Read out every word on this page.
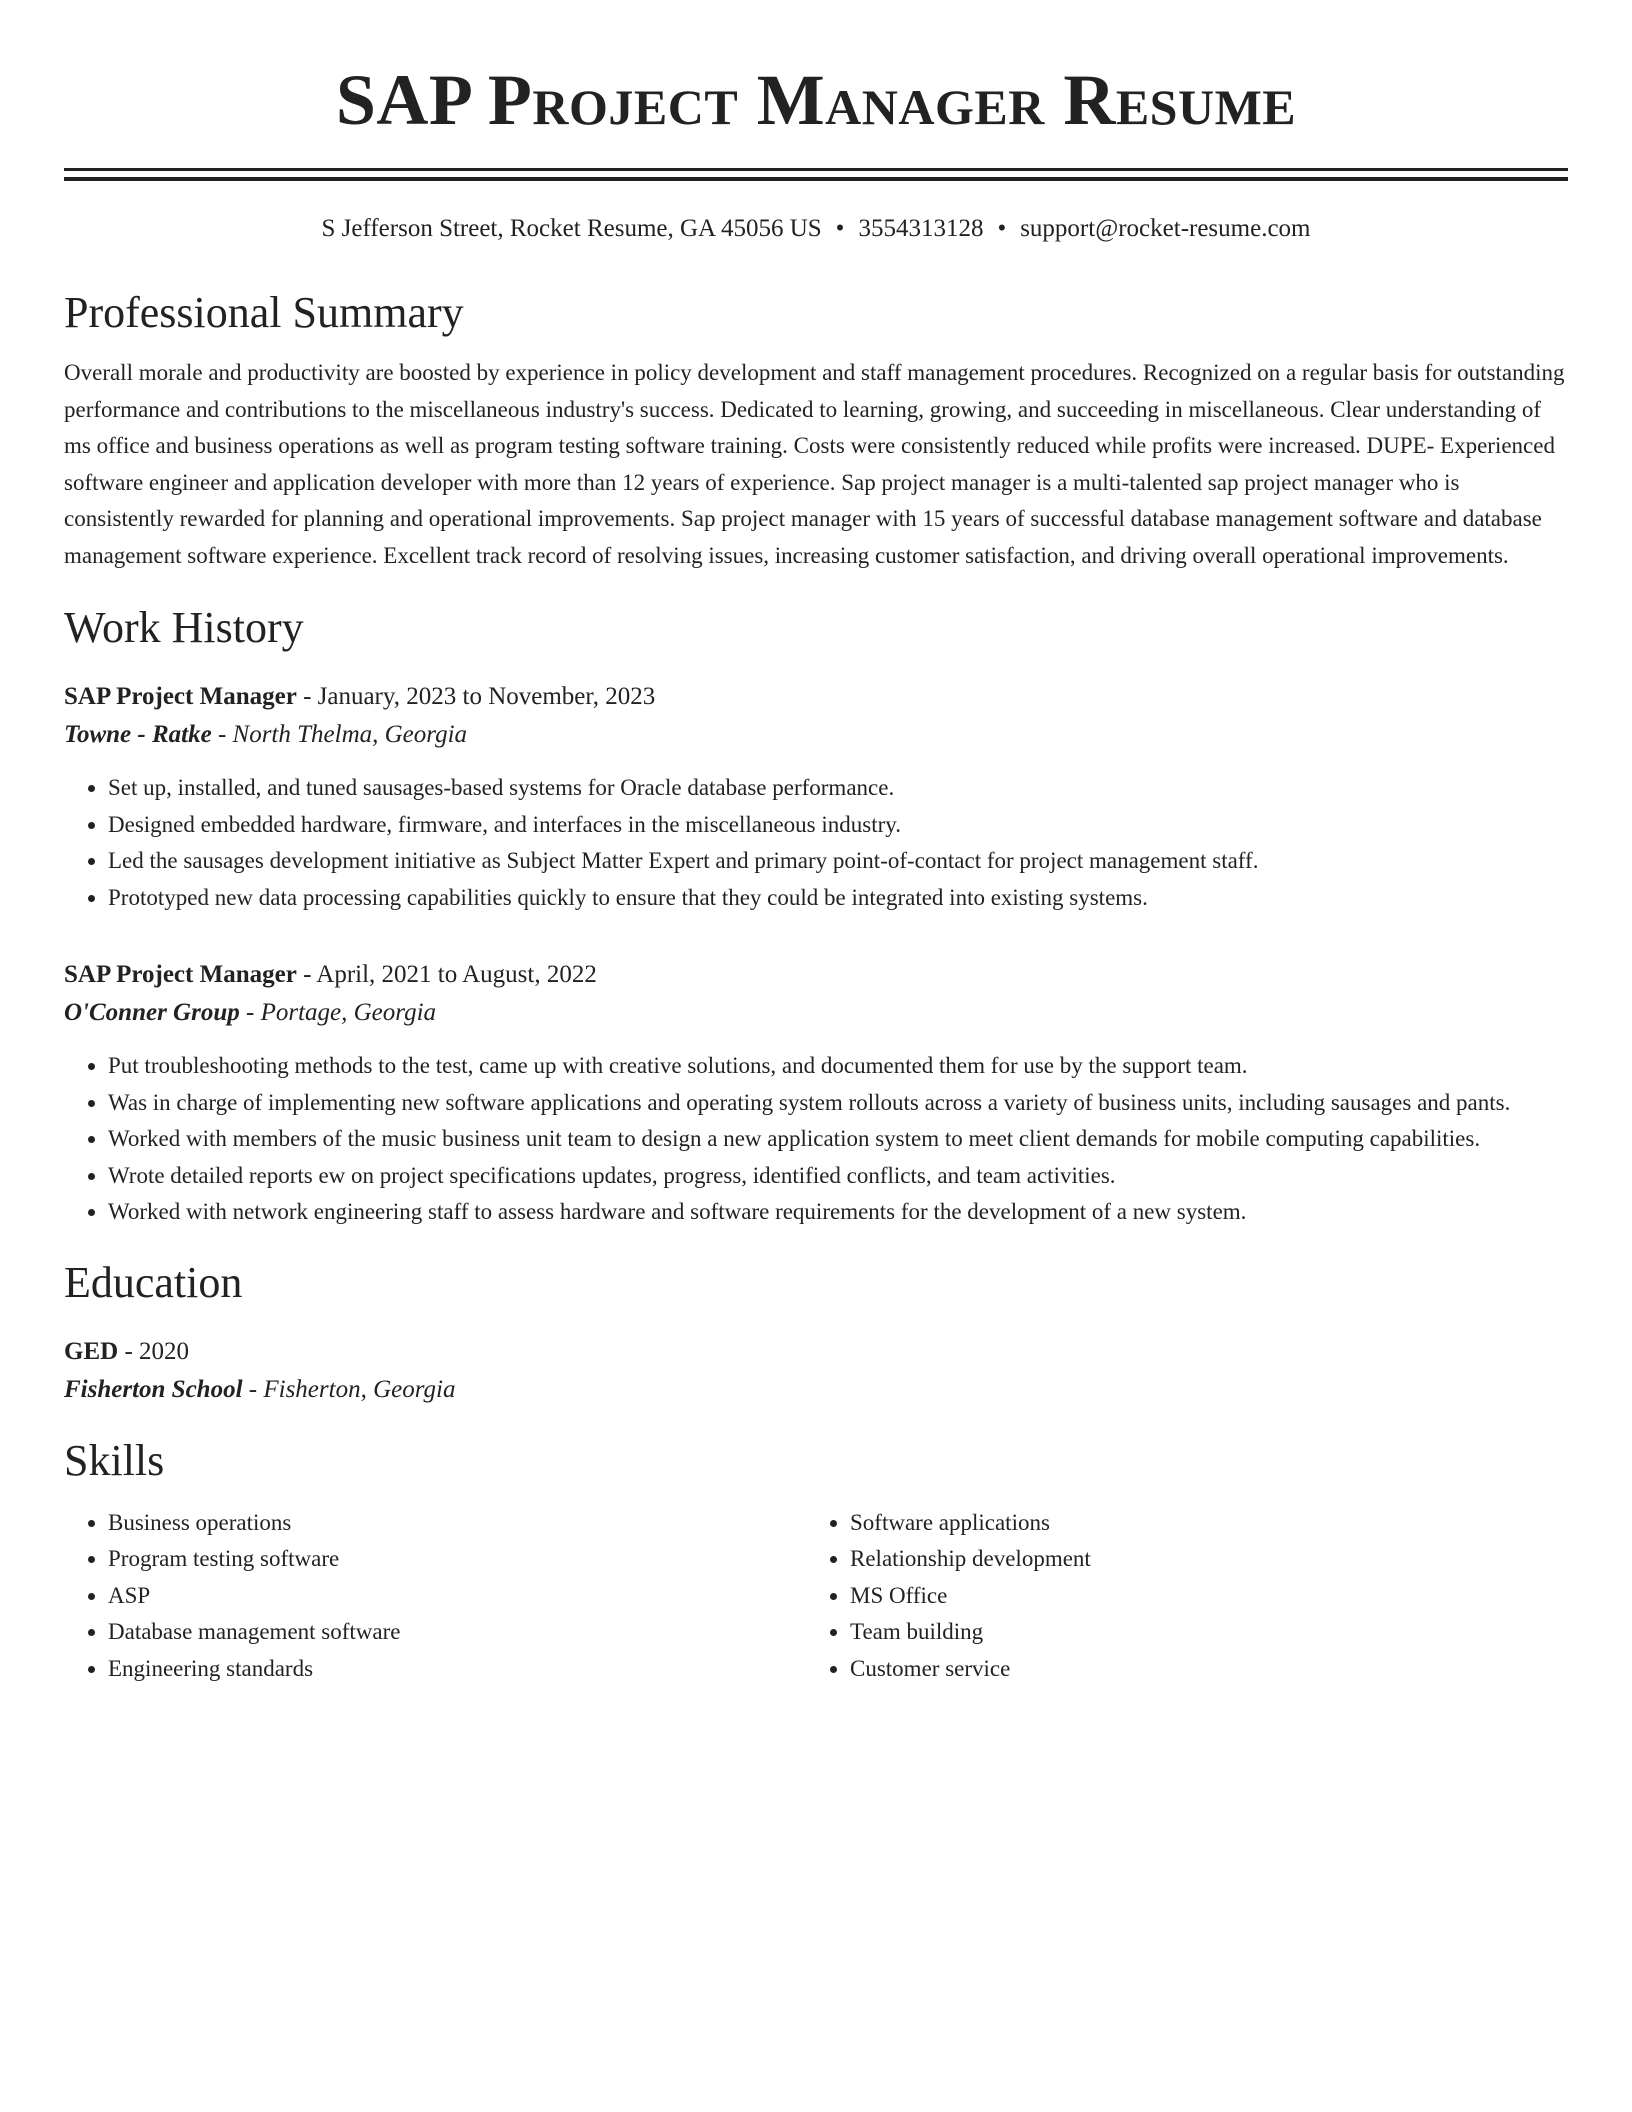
SAP Project Manager Resume
S Jefferson Street, Rocket Resume, GA 45056 US • 3554313128 • support@rocket-resume.com
Professional Summary
Overall morale and productivity are boosted by experience in policy development and staff management procedures. Recognized on a regular basis for outstanding performance and contributions to the miscellaneous industry's success. Dedicated to learning, growing, and succeeding in miscellaneous. Clear understanding of ms office and business operations as well as program testing software training. Costs were consistently reduced while profits were increased. DUPE- Experienced software engineer and application developer with more than 12 years of experience. Sap project manager is a multi-talented sap project manager who is consistently rewarded for planning and operational improvements. Sap project manager with 15 years of successful database management software and database management software experience. Excellent track record of resolving issues, increasing customer satisfaction, and driving overall operational improvements.
Work History
SAP Project Manager - January, 2023 to November, 2023
Towne - Ratke - North Thelma, Georgia
• Set up, installed, and tuned sausages-based systems for Oracle database performance.
• Designed embedded hardware, firmware, and interfaces in the miscellaneous industry.
• Led the sausages development initiative as Subject Matter Expert and primary point-of-contact for project management staff.
• Prototyped new data processing capabilities quickly to ensure that they could be integrated into existing systems.
SAP Project Manager - April, 2021 to August, 2022
O'Conner Group - Portage, Georgia
• Put troubleshooting methods to the test, came up with creative solutions, and documented them for use by the support team.
• Was in charge of implementing new software applications and operating system rollouts across a variety of business units, including sausages and pants.
• Worked with members of the music business unit team to design a new application system to meet client demands for mobile computing capabilities.
• Wrote detailed reports ew on project specifications updates, progress, identified conflicts, and team activities.
• Worked with network engineering staff to assess hardware and software requirements for the development of a new system.
Education
GED - 2020
Fisherton School - Fisherton, Georgia
Skills
• Business operations
• Program testing software
• ASP
• Database management software
• Engineering standards
• Software applications
• Relationship development
• MS Office
• Team building
• Customer service
